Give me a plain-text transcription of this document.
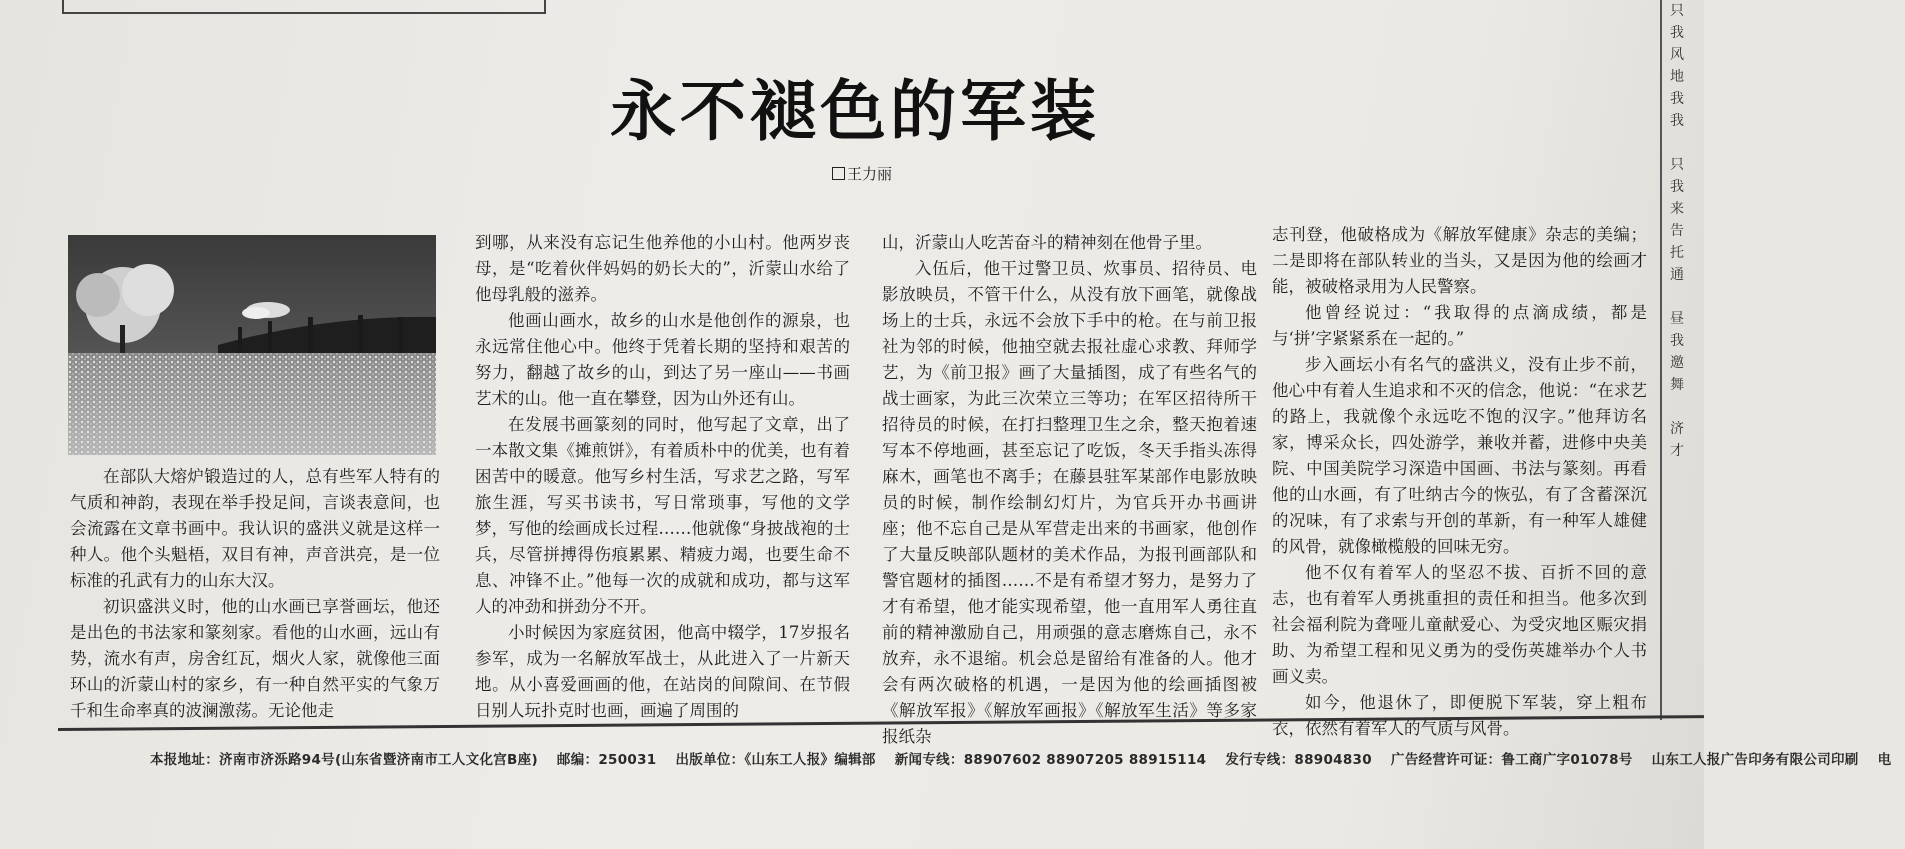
只
我
风
地
我
我
只
我
来
告
托
通
昼
我
邀
舞
济
才
永不褪色的军装
王力丽

在部队大熔炉锻造过的人，总有些军人特有的气质和神韵，表现在举手投足间，言谈表意间，也会流露在文章书画中。我认识的盛洪义就是这样一种人。他个头魁梧，双目有神，声音洪亮，是一位标准的孔武有力的山东大汉。

初识盛洪义时，他的山水画已享誉画坛，他还是出色的书法家和篆刻家。看他的山水画，远山有势，流水有声，房舍红瓦，烟火人家，就像他三面环山的沂蒙山村的家乡，有一种自然平实的气象万千和生命率真的波澜激荡。无论他走

到哪，从来没有忘记生他养他的小山村。他两岁丧母，是“吃着伙伴妈妈的奶长大的”，沂蒙山水给了他母乳般的滋养。

他画山画水，故乡的山水是他创作的源泉，也永远常住他心中。他终于凭着长期的坚持和艰苦的努力，翻越了故乡的山，到达了另一座山——书画艺术的山。他一直在攀登，因为山外还有山。

在发展书画篆刻的同时，他写起了文章，出了一本散文集《摊煎饼》，有着质朴中的优美，也有着困苦中的暖意。他写乡村生活，写求艺之路，写军旅生涯，写买书读书，写日常琐事，写他的文学梦，写他的绘画成长过程……他就像“身披战袍的士兵，尽管拼搏得伤痕累累、精疲力竭，也要生命不息、冲锋不止。”他每一次的成就和成功，都与这军人的冲劲和拼劲分不开。

小时候因为家庭贫困，他高中辍学，17岁报名参军，成为一名解放军战士，从此进入了一片新天地。从小喜爱画画的他，在站岗的间隙间、在节假日别人玩扑克时也画，画遍了周围的

山，沂蒙山人吃苦奋斗的精神刻在他骨子里。

入伍后，他干过警卫员、炊事员、招待员、电影放映员，不管干什么，从没有放下画笔，就像战场上的士兵，永远不会放下手中的枪。在与前卫报社为邻的时候，他抽空就去报社虚心求教、拜师学艺，为《前卫报》画了大量插图，成了有些名气的战士画家，为此三次荣立三等功；在军区招待所干招待员的时候，在打扫整理卫生之余，整天抱着速写本不停地画，甚至忘记了吃饭，冬天手指头冻得麻木，画笔也不离手；在藤县驻军某部作电影放映员的时候，制作绘制幻灯片，为官兵开办书画讲座；他不忘自己是从军营走出来的书画家，他创作了大量反映部队题材的美术作品，为报刊画部队和警官题材的插图……不是有希望才努力，是努力了才有希望，他才能实现希望，他一直用军人勇往直前的精神激励自己，用顽强的意志磨炼自己，永不放弃，永不退缩。机会总是留给有准备的人。他才会有两次破格的机遇，一是因为他的绘画插图被《解放军报》《解放军画报》《解放军生活》等多家报纸杂

志刊登，他破格成为《解放军健康》杂志的美编；二是即将在部队转业的当头，又是因为他的绘画才能，被破格录用为人民警察。

他曾经说过：“我取得的点滴成绩，都是与‘拼’字紧紧系在一起的。”

步入画坛小有名气的盛洪义，没有止步不前，他心中有着人生追求和不灭的信念，他说：“在求艺的路上，我就像个永远吃不饱的汉字。”他拜访名家，博采众长，四处游学，兼收并蓄，进修中央美院、中国美院学习深造中国画、书法与篆刻。再看他的山水画，有了吐纳古今的恢弘，有了含蓄深沉的况味，有了求索与开创的革新，有一种军人雄健的风骨，就像橄榄般的回味无穷。

他不仅有着军人的坚忍不拔、百折不回的意志，也有着军人勇挑重担的责任和担当。他多次到社会福利院为聋哑儿童献爱心、为受灾地区赈灾捐助、为希望工程和见义勇为的受伤英雄举办个人书画义卖。

如今，他退休了，即便脱下军装，穿上粗布衣，依然有着军人的气质与风骨。

本报地址：济南市济泺路94号(山东省暨济南市工人文化宫B座) 邮编：250031 出版单位：《山东工人报》编辑部 新闻专线：88907602 88907205 88915114 发行专线：88904830 广告经营许可证：鲁工商广字01078号 山东工人报广告印务有限公司印刷 电
